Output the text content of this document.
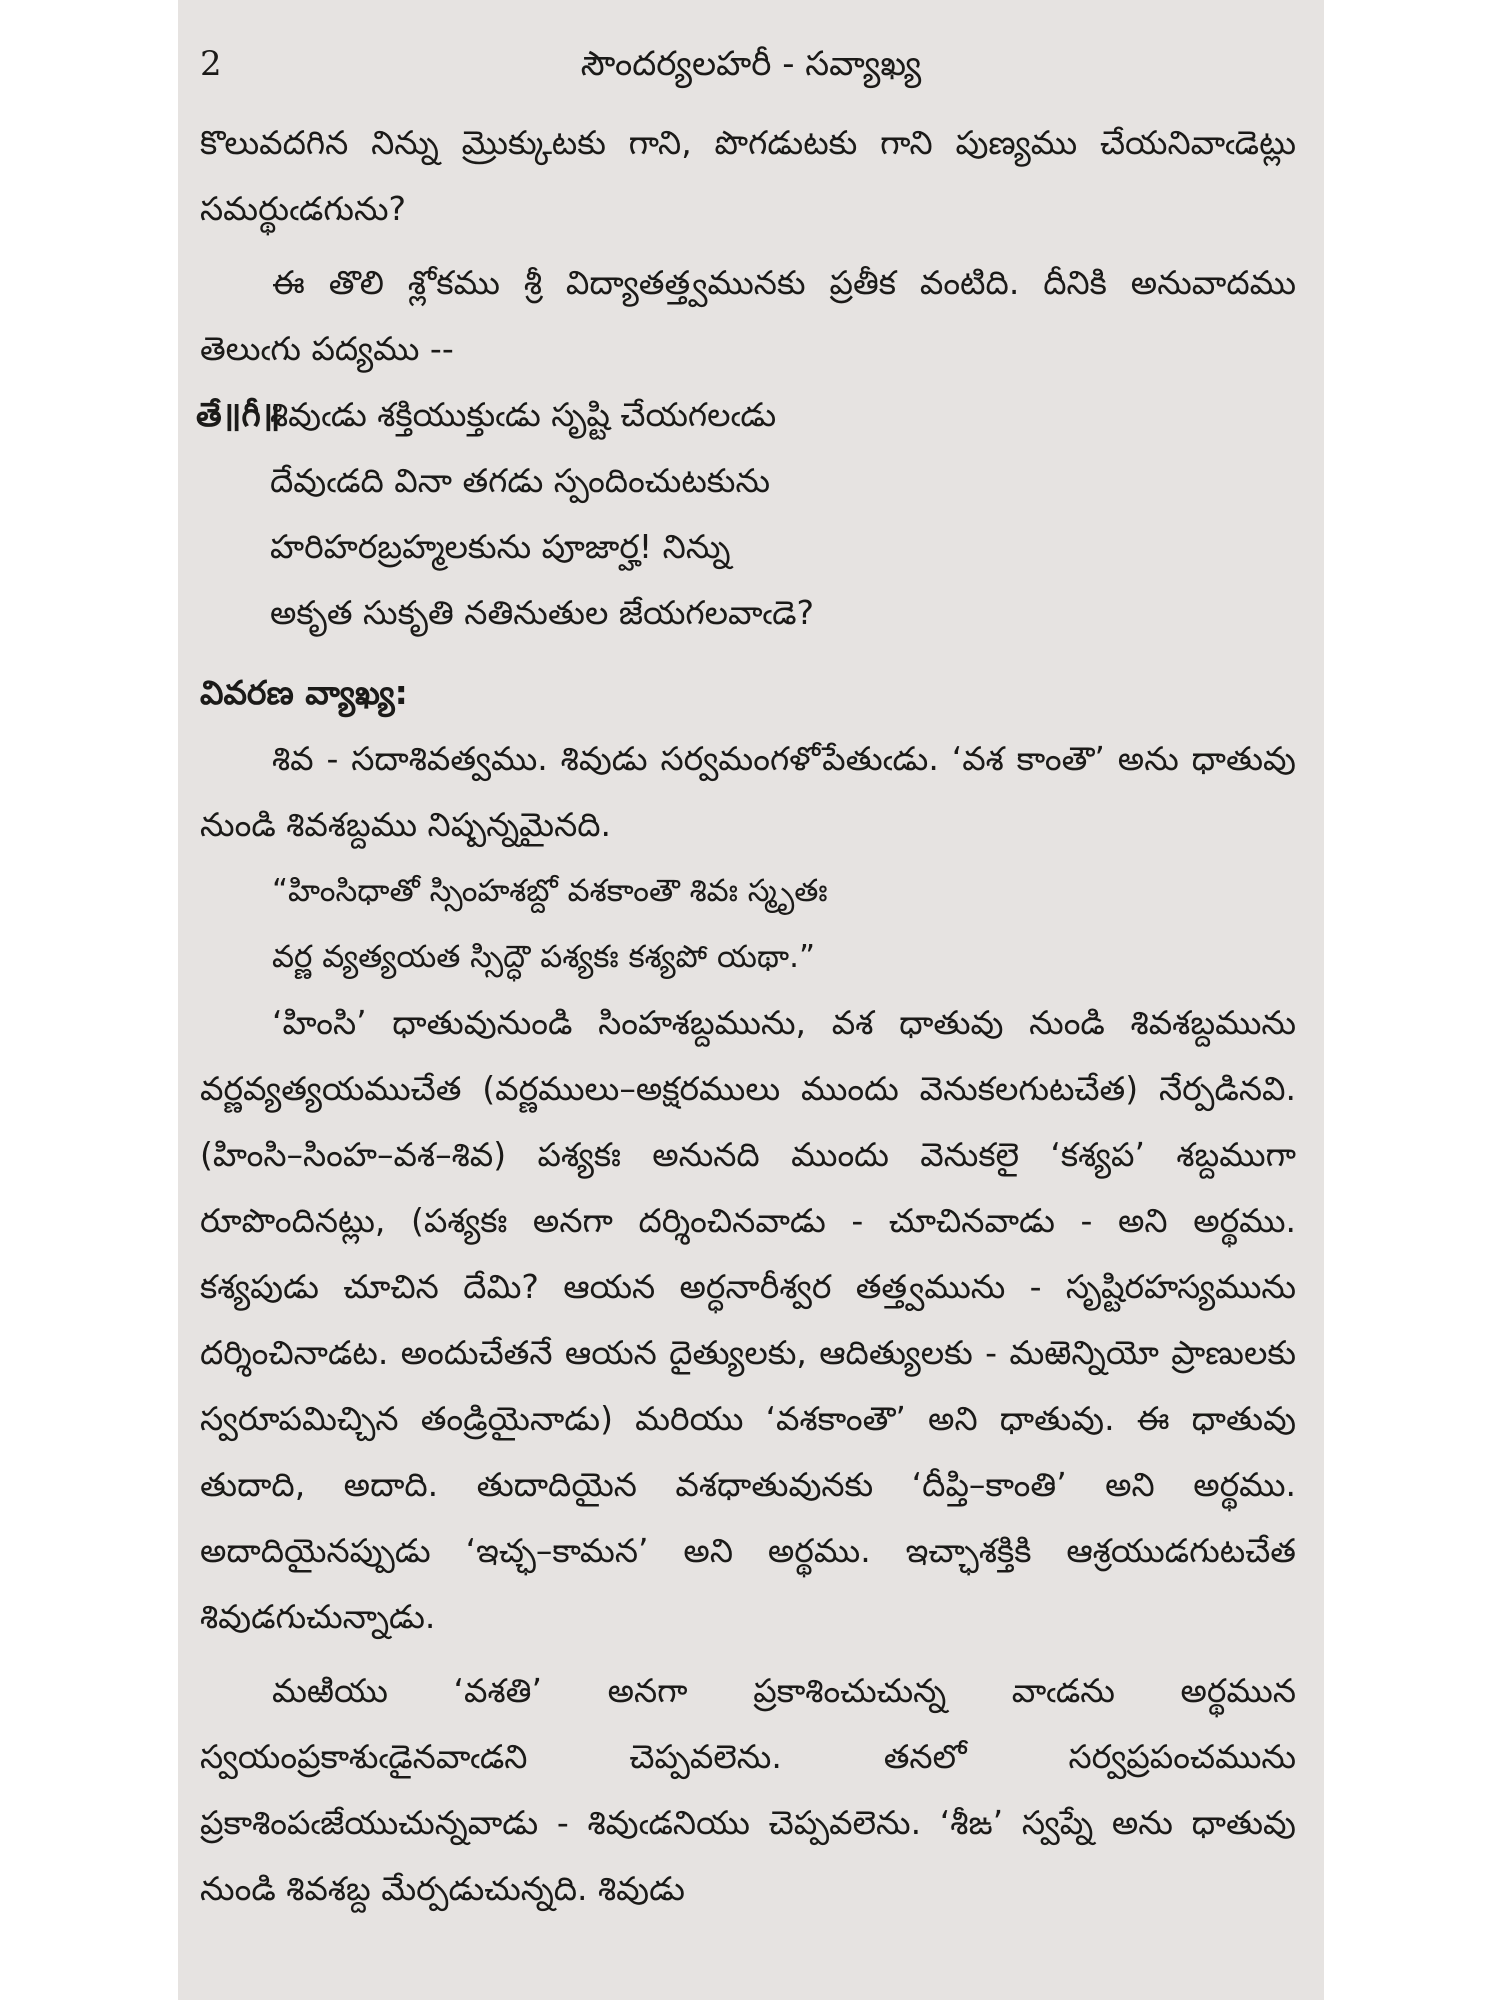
2	సౌందర్యలహరీ - సవ్యాఖ్య

కొలువదగిన నిన్ను మ్రొక్కుటకు గాని, పొగడుటకు గాని పుణ్యము చేయనివాఁడెట్లు సమర్థుఁడగును?

ఈ తొలి శ్లోకము శ్రీ విద్యాతత్త్వమునకు ప్రతీక వంటిది. దీనికి అనువాదము తెలుఁగు పద్యము --

తే॥గీ॥
శివుఁడు శక్తియుక్తుఁడు సృష్టి చేయగలఁడు
దేవుఁడది వినా తగడు స్పందించుటకును
హరిహరబ్రహ్మలకును పూజార్హ! నిన్ను
అకృత సుకృతి నతినుతుల జేయగలవాఁడె?

వివరణ వ్యాఖ్య:

శివ - సదాశివత్వము. శివుడు సర్వమంగళోపేతుఁడు. ‘వశ కాంతౌ’ అను ధాతువు నుండి శివశబ్దము నిష్పన్నమైనది.

“హింసిధాతో స్సింహశబ్దో వశకాంతౌ శివః స్మృతః
వర్ణ వ్యత్యయత స్సిద్ధౌ పశ్యకః కశ్యపో యథా.”

‘హింసి’ ధాతువునుండి సింహశబ్దమును, వశ ధాతువు నుండి శివశబ్దమును వర్ణవ్యత్యయముచేత (వర్ణములు–అక్షరములు ముందు వెనుకలగుటచేత) నేర్పడినవి. (హింసి–సింహ–వశ–శివ) పశ్యకః అనునది ముందు వెనుకలై ‘కశ్యప’ శబ్దముగా రూపొందినట్లు, (పశ్యకః అనగా దర్శించినవాడు - చూచినవాడు - అని అర్థము. కశ్యపుడు చూచిన దేమి? ఆయన అర్ధనారీశ్వర తత్త్వమును - సృష్టిరహస్యమును దర్శించినాడట. అందుచేతనే ఆయన దైత్యులకు, ఆదిత్యులకు - మఱెన్నియో ప్రాణులకు స్వరూపమిచ్చిన తండ్రియైనాడు) మరియు ‘వశకాంతౌ’ అని ధాతువు. ఈ ధాతువు తుదాది, అదాది. తుదాదియైన వశధాతువునకు ‘దీప్తి–కాంతి’ అని అర్థము. అదాదియైనప్పుడు ‘ఇచ్ఛ–కామన’ అని అర్థము. ఇచ్ఛాశక్తికి ఆశ్రయుడగుటచేత శివుడగుచున్నాడు.

మఱియు ‘వశతి’ అనగా ప్రకాశించుచున్న వాఁడను అర్థమున స్వయంప్రకాశుఁడైనవాఁడని చెప్పవలెను. తనలో సర్వప్రపంచమును ప్రకాశింపఁజేయుచున్నవాడు - శివుఁడనియు చెప్పవలెను. ‘శీఙ’ స్వప్నే అను ధాతువు నుండి శివశబ్ద మేర్పడుచున్నది. శివుడు
